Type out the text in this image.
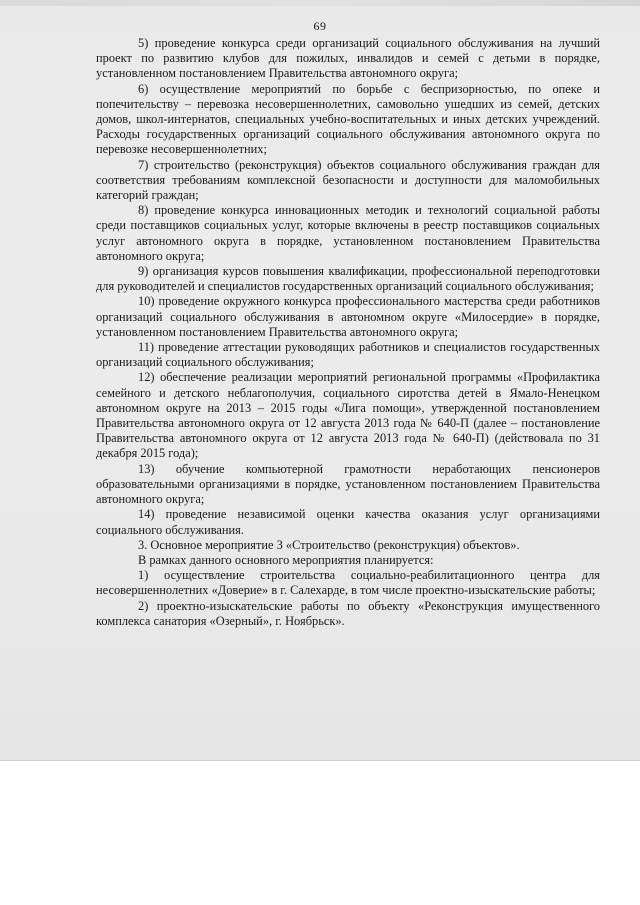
69

5) проведение конкурса среди организаций социального обслуживания на лучший проект по развитию клубов для пожилых, инвалидов и семей с детьми в порядке, установленном постановлением Правительства автономного округа;

6) осуществление мероприятий по борьбе с беспризорностью, по опеке и попечительству – перевозка несовершеннолетних, самовольно ушедших из семей, детских домов, школ-интернатов, специальных учебно-воспитательных и иных детских учреждений. Расходы государственных организаций социального обслуживания автономного округа по перевозке несовершеннолетних;

7) строительство (реконструкция) объектов социального обслуживания граждан для соответствия требованиям комплексной безопасности и доступности для маломобильных категорий граждан;

8) проведение конкурса инновационных методик и технологий социальной работы среди поставщиков социальных услуг, которые включены в реестр поставщиков социальных услуг автономного округа в порядке, установленном постановлением Правительства автономного округа;

9) организация курсов повышения квалификации, профессиональной переподготовки для руководителей и специалистов государственных организаций социального обслуживания;

10) проведение окружного конкурса профессионального мастерства среди работников организаций социального обслуживания в автономном округе «Милосердие» в порядке, установленном постановлением Правительства автономного округа;

11) проведение аттестации руководящих работников и специалистов государственных организаций социального обслуживания;

12) обеспечение реализации мероприятий региональной программы «Профилактика семейного и детского неблагополучия, социального сиротства детей в Ямало-Ненецком автономном округе на 2013 – 2015 годы «Лига помощи», утвержденной постановлением Правительства автономного округа от 12 августа 2013 года № 640-П (далее – постановление Правительства автономного округа от 12 августа 2013 года № 640-П) (действовала по 31 декабря 2015 года);

13) обучение компьютерной грамотности неработающих пенсионеров образовательными организациями в порядке, установленном постановлением Правительства автономного округа;

14) проведение независимой оценки качества оказания услуг организациями социального обслуживания.

3. Основное мероприятие 3 «Строительство (реконструкция) объектов».

В рамках данного основного мероприятия планируется:

1) осуществление строительства социально-реабилитационного центра для несовершеннолетних «Доверие» в г. Салехарде, в том числе проектно-изыскательские работы;

2) проектно-изыскательские работы по объекту «Реконструкция имущественного комплекса санатория «Озерный», г. Ноябрьск».
